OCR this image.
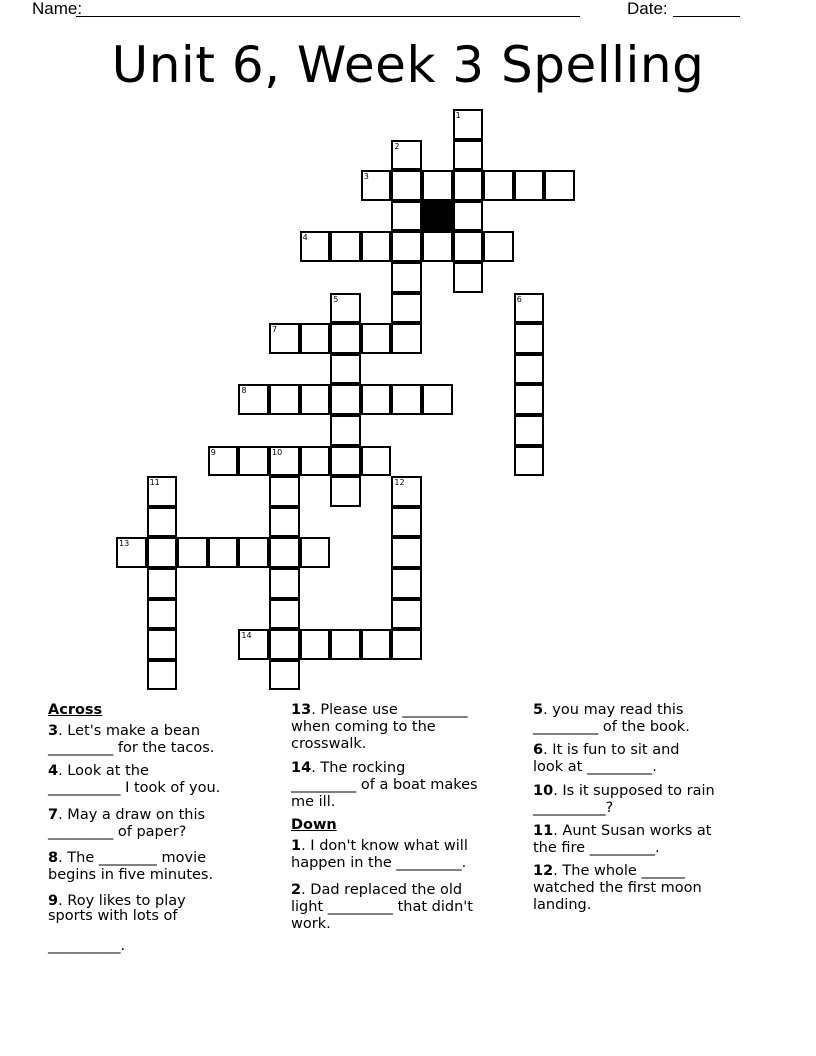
Name:	Date:
Unit 6, Week 3 Spelling
1
2
3
4
5	6
7
8
9	10
11	12
13
14
Across
3. Let's make a bean
_________ for the tacos.
4. Look at the
__________ I took of you.
7. May a draw on this
_________ of paper?
8. The ________ movie
begins in five minutes.
9. Roy likes to play
sports with lots of

__________.
13. Please use _________
when coming to the
crosswalk.
14. The rocking
_________ of a boat makes
me ill.
Down
1. I don't know what will
happen in the _________.
2. Dad replaced the old
light _________ that didn't
work.
5. you may read this
_________ of the book.
6. It is fun to sit and
look at _________.
10. Is it supposed to rain
__________?
11. Aunt Susan works at
the fire _________.
12. The whole ______
watched the first moon
landing.
